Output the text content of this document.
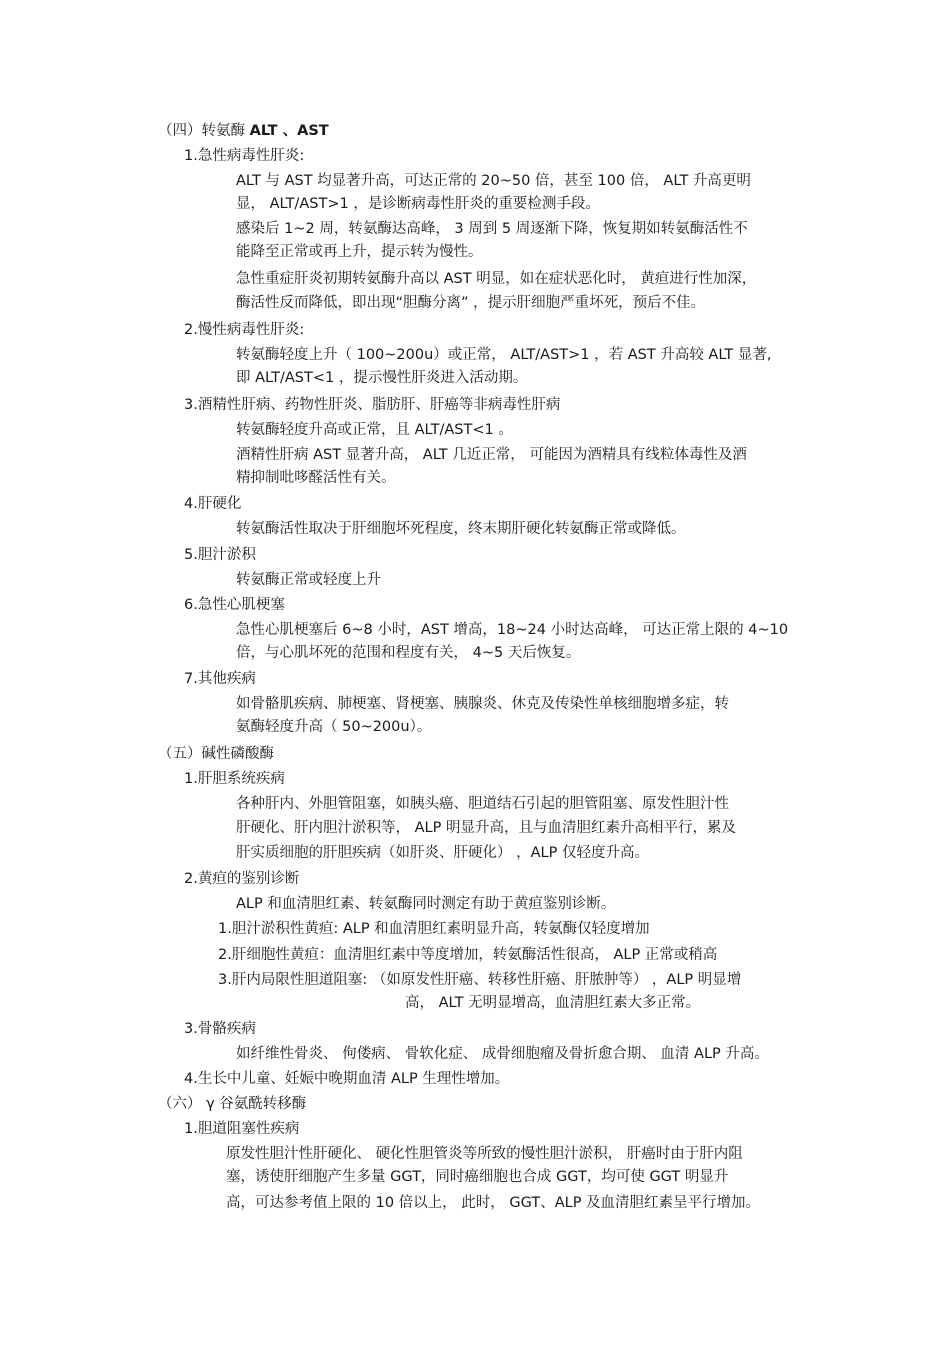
（四）转氨酶 ALT 、AST
1.急性病毒性肝炎:
ALT 与 AST 均显著升高，可达正常的 20~50 倍，甚至 100 倍， ALT 升高更明
显， ALT/AST>1 ，是诊断病毒性肝炎的重要检测手段。
感染后 1~2 周，转氨酶达高峰， 3 周到 5 周逐渐下降，恢复期如转氨酶活性不
能降至正常或再上升，提示转为慢性。
急性重症肝炎初期转氨酶升高以 AST 明显，如在症状恶化时， 黄疸进行性加深，
酶活性反而降低，即出现“胆酶分离” ，提示肝细胞严重坏死，预后不佳。
2.慢性病毒性肝炎:
转氨酶轻度上升（ 100~200u）或正常， ALT/AST>1 ，若 AST 升高较 ALT 显著,
即 ALT/AST<1 ，提示慢性肝炎进入活动期。
3.酒精性肝病、药物性肝炎、脂肪肝、肝癌等非病毒性肝病
转氨酶轻度升高或正常，且 ALT/AST<1 。
酒精性肝病 AST 显著升高， ALT 几近正常， 可能因为酒精具有线粒体毒性及酒
精抑制吡哆醛活性有关。
4.肝硬化
转氨酶活性取决于肝细胞坏死程度，终末期肝硬化转氨酶正常或降低。
5.胆汁淤积
转氨酶正常或轻度上升
6.急性心肌梗塞
急性心肌梗塞后 6~8 小时，AST 增高，18~24 小时达高峰， 可达正常上限的 4~10
倍，与心肌坏死的范围和程度有关， 4~5 天后恢复。
7.其他疾病
如骨骼肌疾病、肺梗塞、肾梗塞、胰腺炎、休克及传染性单核细胞增多症，转
氨酶轻度升高（ 50~200u）。
（五）碱性磷酸酶
1.肝胆系统疾病
各种肝内、外胆管阻塞，如胰头癌、胆道结石引起的胆管阻塞、原发性胆汁性
肝硬化、肝内胆汁淤积等， ALP 明显升高，且与血清胆红素升高相平行，累及
肝实质细胞的肝胆疾病（如肝炎、肝硬化） ，ALP 仅轻度升高。
2.黄疸的鉴别诊断
ALP 和血清胆红素、转氨酶同时测定有助于黄疸鉴别诊断。
1.胆汁淤积性黄疸: ALP 和血清胆红素明显升高，转氨酶仅轻度增加
2.肝细胞性黄疸：血清胆红素中等度增加，转氨酶活性很高， ALP 正常或稍高
3.肝内局限性胆道阻塞: （如原发性肝癌、转移性肝癌、肝脓肿等） ，ALP 明显增
高， ALT 无明显增高，血清胆红素大多正常。
3.骨骼疾病
如纤维性骨炎、 佝偻病、 骨软化症、 成骨细胞瘤及骨折愈合期、 血清 ALP 升高。
4.生长中儿童、妊娠中晚期血清 ALP 生理性增加。
（六） γ 谷氨酰转移酶
1.胆道阻塞性疾病
原发性胆汁性肝硬化、 硬化性胆管炎等所致的慢性胆汁淤积， 肝癌时由于肝内阻
塞，诱使肝细胞产生多量 GGT，同时癌细胞也合成 GGT，均可使 GGT 明显升
高，可达参考值上限的 10 倍以上， 此时， GGT、ALP 及血清胆红素呈平行增加。
